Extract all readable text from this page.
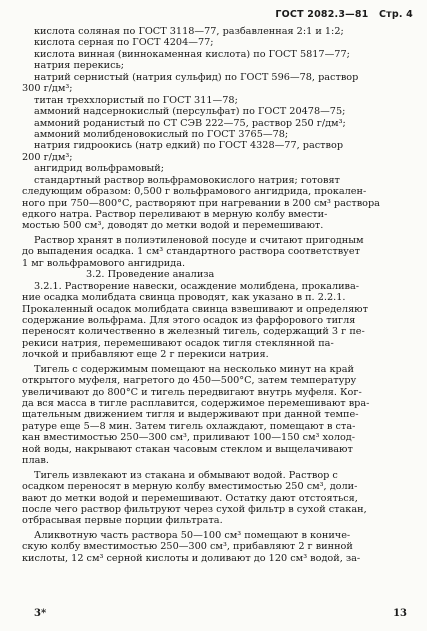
ГОСТ 2082.3—81 Стр. 4
кислота соляная по ГОСТ 3118—77, разбавленная 2:1 и 1:2;
кислота серная по ГОСТ 4204—77;
кислота винная (виннокаменная кислота) по ГОСТ 5817—77;
натрия перекись;
натрий сернистый (натрия сульфид) по ГОСТ 596—78, раствор
300 г/дм³;
титан треххлористый по ГОСТ 311—78;
аммоний надсернокислый (персульфат) по ГОСТ 20478—75;
аммоний роданистый по СТ СЭВ 222—75, раствор 250 г/дм³;
аммоний молибденовокислый по ГОСТ 3765—78;
натрия гидроокись (натр едкий) по ГОСТ 4328—77, раствор
200 г/дм³;
ангидрид вольфрамовый;
стандартный раствор вольфрамовокислого натрия; готовят
следующим образом: 0,500 г вольфрамового ангидрида, прокален-
ного при 750—800°С, растворяют при нагревании в 200 см³ раствора
едкого натра. Раствор переливают в мерную колбу вмести-
мостью 500 см³, доводят до метки водой и перемешивают.
Раствор хранят в полиэтиленовой посуде и считают пригодным
до выпадения осадка. 1 см³ стандартного раствора соответствует
1 мг вольфрамового ангидрида.
3.2. Проведение анализа
3.2.1. Растворение навески, осаждение молибдена, прокалива-
ние осадка молибдата свинца проводят, как указано в п. 2.2.1.
Прокаленный осадок молибдата свинца взвешивают и определяют
содержание вольфрама. Для этого осадок из фарфорового тигля
переносят количественно в железный тигель, содержащий 3 г пе-
рекиси натрия, перемешивают осадок тигля стеклянной па-
лочкой и прибавляют еще 2 г перекиси натрия.
Тигель с содержимым помещают на несколько минут на край
открытого муфеля, нагретого до 450—500°С, затем температуру
увеличивают до 800°С и тигель передвигают внутрь муфеля. Ког-
да вся масса в тигле расплавится, содержимое перемешивают вра-
щательным движением тигля и выдерживают при данной темпе-
ратуре еще 5—8 мин. Затем тигель охлаждают, помещают в ста-
кан вместимостью 250—300 см³, приливают 100—150 см³ холод-
ной воды, накрывают стакан часовым стеклом и выщелачивают
плав.
Тигель извлекают из стакана и обмывают водой. Раствор с
осадком переносят в мерную колбу вместимостью 250 см³, доли-
вают до метки водой и перемешивают. Остатку дают отстояться,
после чего раствор фильтруют через сухой фильтр в сухой стакан,
отбрасывая первые порции фильтрата.
Аликвотную часть раствора 50—100 см³ помещают в кониче-
скую колбу вместимостью 250—300 см³, прибавляют 2 г винной
кислоты, 12 см³ серной кислоты и доливают до 120 см³ водой, за-
3*	13
